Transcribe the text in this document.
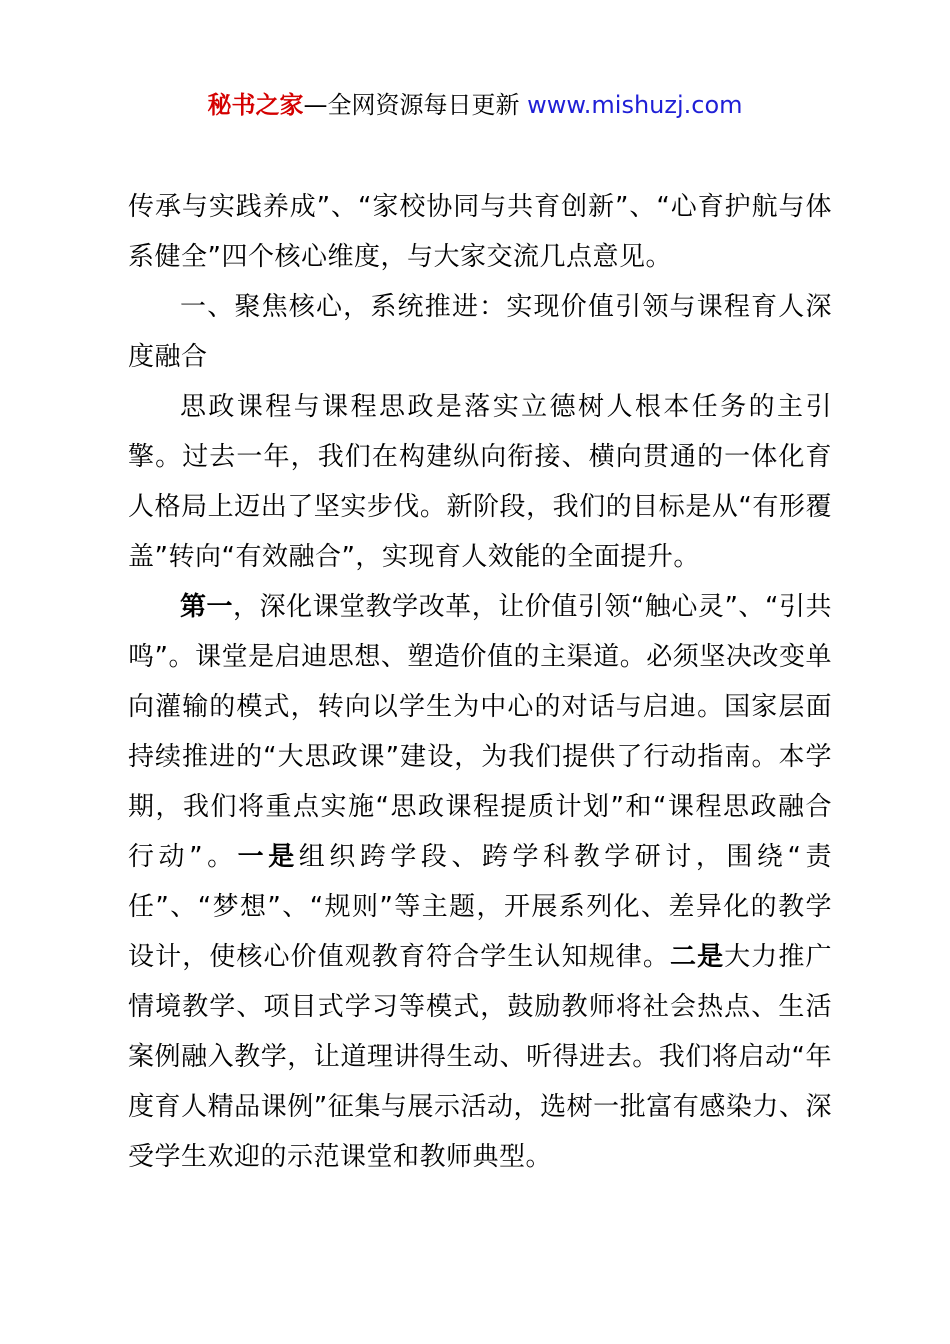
秘书之家—全网资源每日更新 www.mishuzj.com

传承与实践养成”、“家校协同与共育创新”、“心育护航与体系健全”四个核心维度，与大家交流几点意见。

一、聚焦核心，系统推进：实现价值引领与课程育人深度融合

思政课程与课程思政是落实立德树人根本任务的主引擎。过去一年，我们在构建纵向衔接、横向贯通的一体化育人格局上迈出了坚实步伐。新阶段，我们的目标是从“有形覆盖”转向“有效融合”，实现育人效能的全面提升。

第一，深化课堂教学改革，让价值引领“触心灵”、“引共鸣”。课堂是启迪思想、塑造价值的主渠道。必须坚决改变单向灌输的模式，转向以学生为中心的对话与启迪。国家层面持续推进的“大思政课”建设，为我们提供了行动指南。本学期，我们将重点实施“思政课程提质计划”和“课程思政融合行动”。一是组织跨学段、跨学科教学研讨，围绕“责任”、“梦想”、“规则”等主题，开展系列化、差异化的教学设计，使核心价值观教育符合学生认知规律。二是大力推广情境教学、项目式学习等模式，鼓励教师将社会热点、生活案例融入教学，让道理讲得生动、听得进去。我们将启动“年度育人精品课例”征集与展示活动，选树一批富有感染力、深受学生欢迎的示范课堂和教师典型。
